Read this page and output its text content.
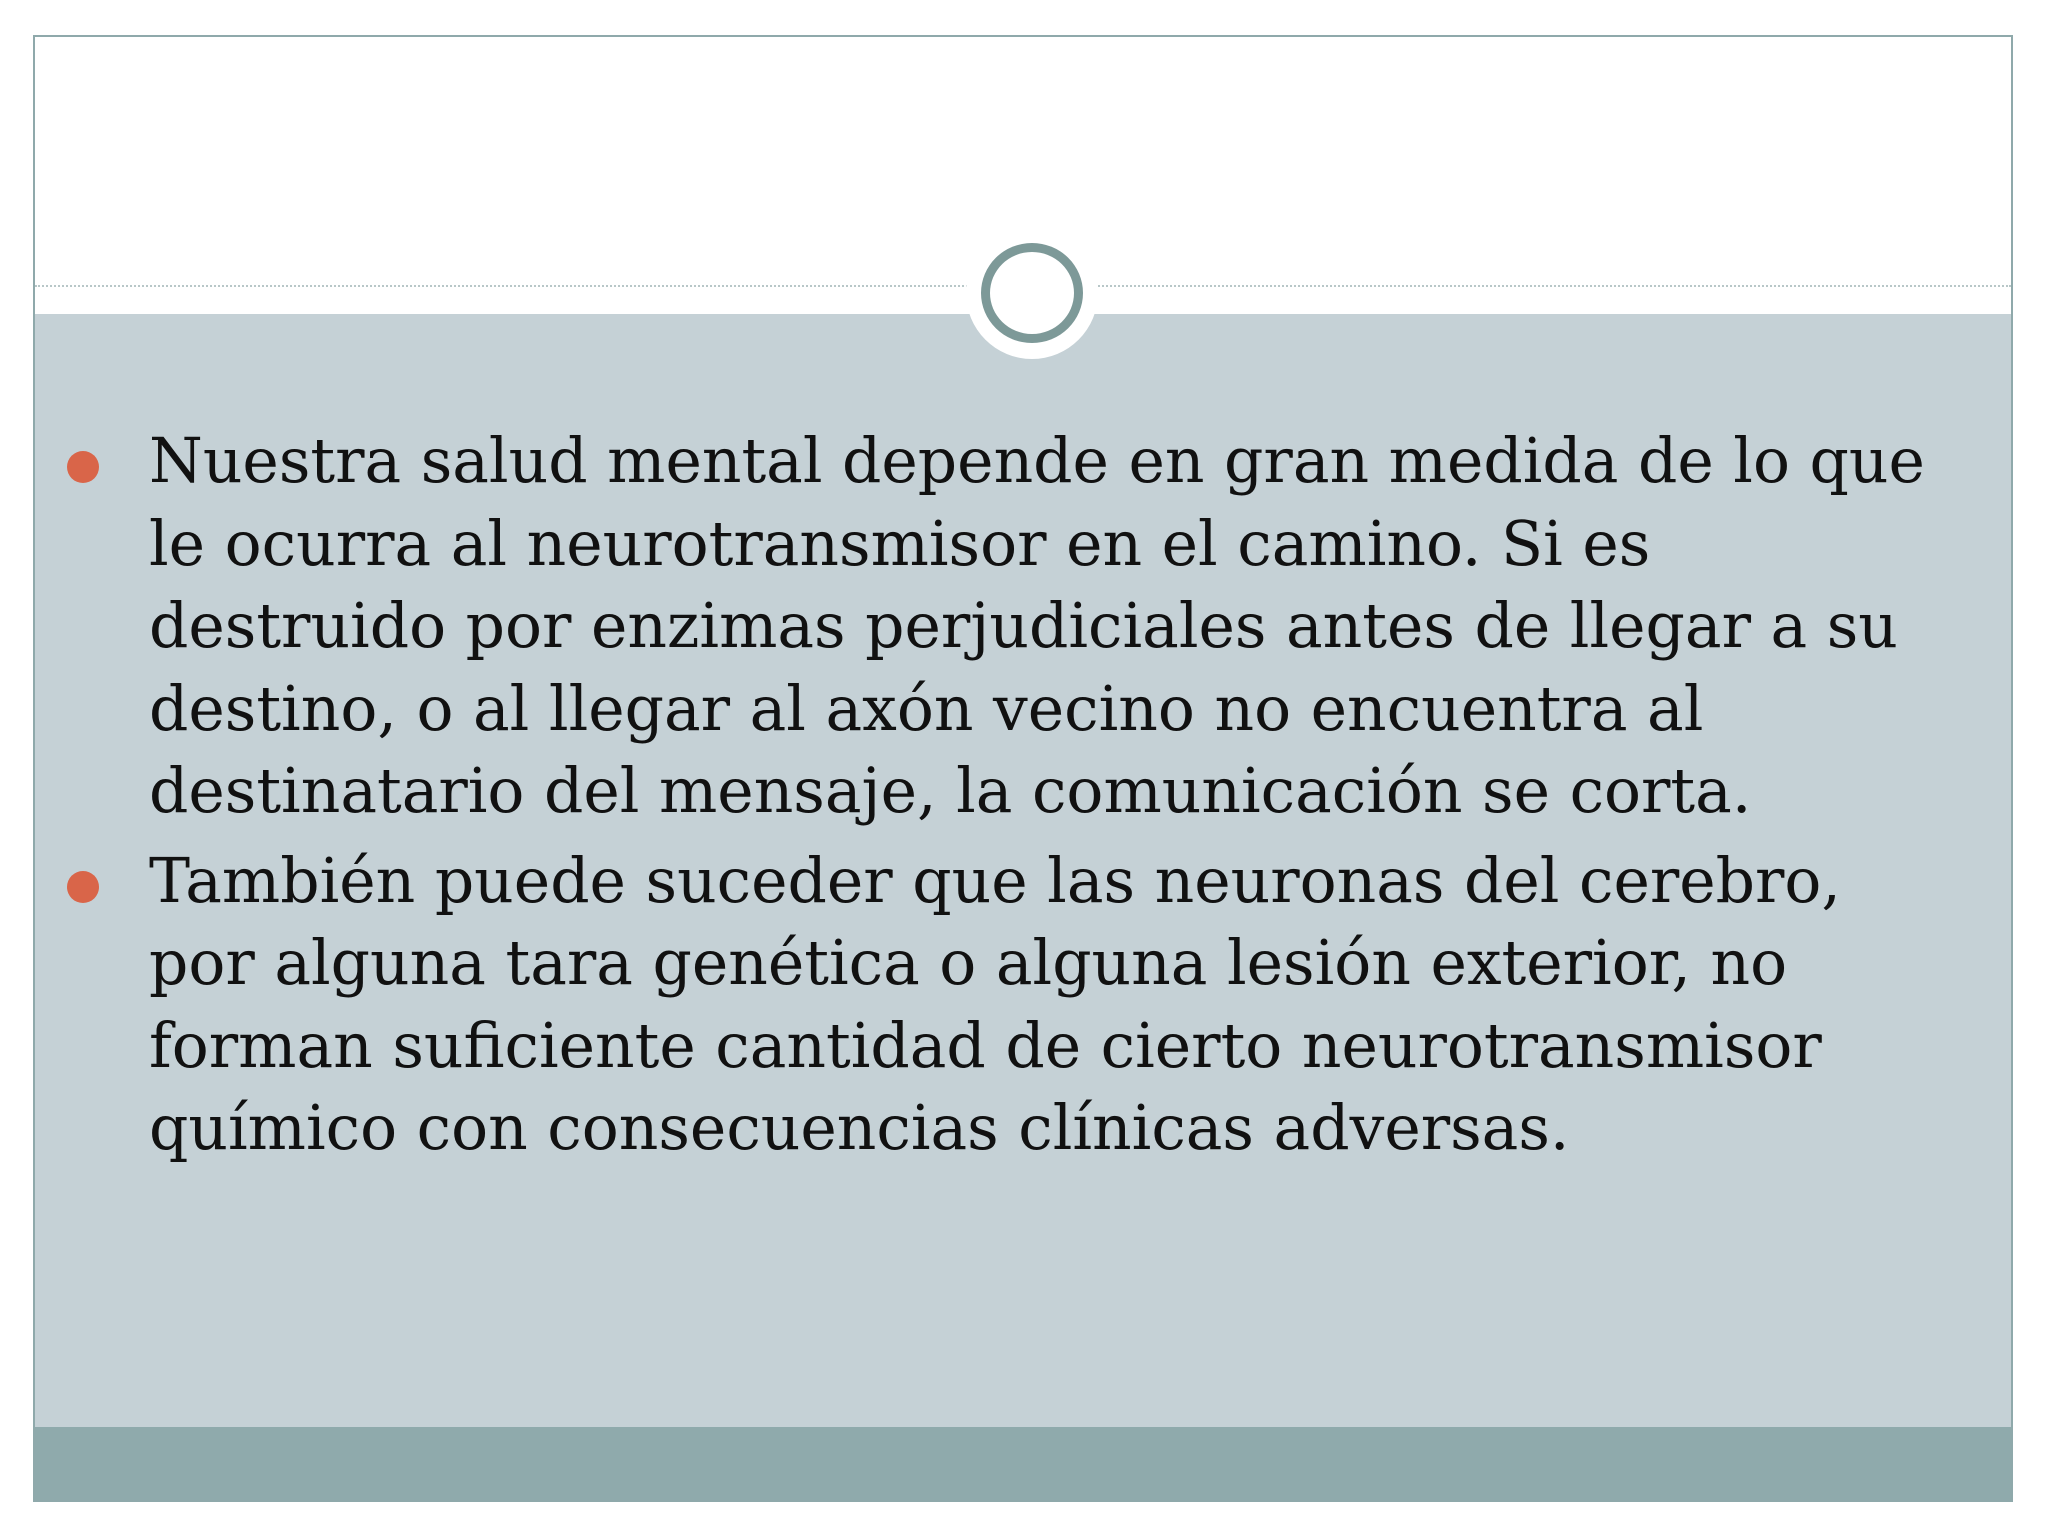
Nuestra salud mental depende en gran medida de lo que le ocurra al neurotransmisor en el camino. Si es destruido por enzimas perjudiciales antes de llegar a su destino, o al llegar al axón vecino no encuentra al destinatario del mensaje, la comunicación se corta.
También puede suceder que las neuronas del cerebro, por alguna tara genética o alguna lesión exterior, no forman suficiente cantidad de cierto neurotransmisor químico con consecuencias clínicas adversas.
